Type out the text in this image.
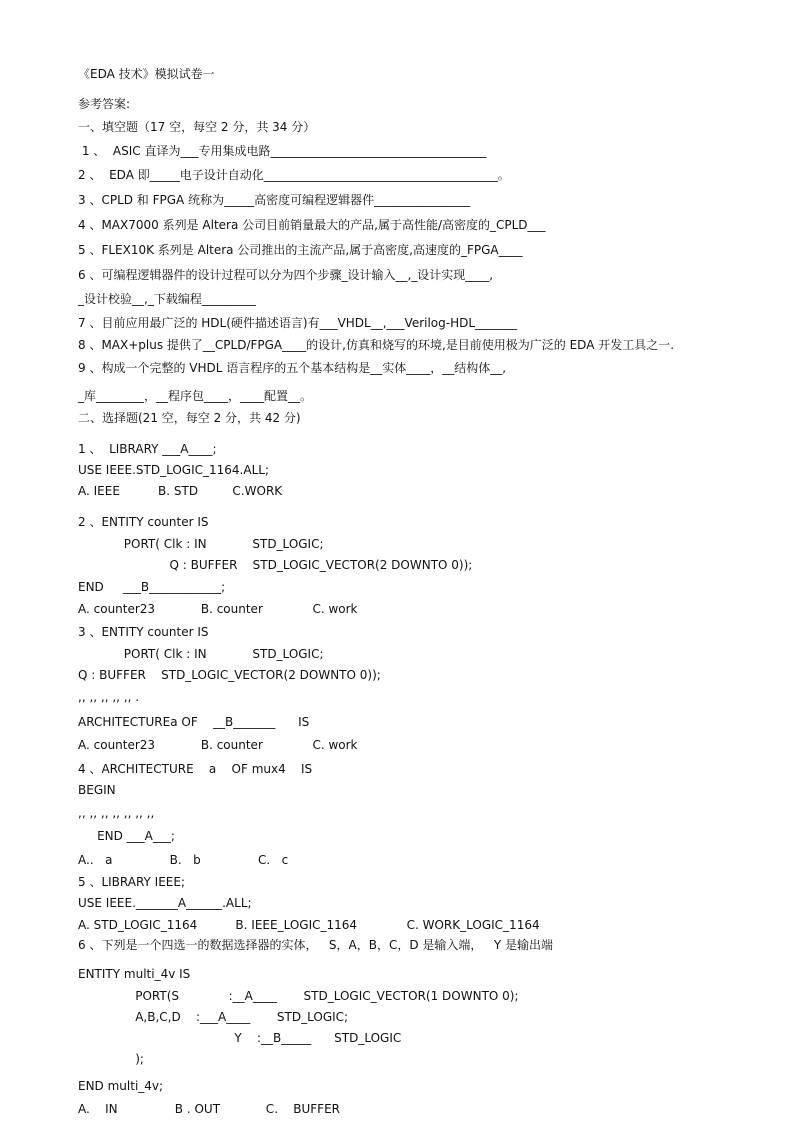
《EDA 技术》模拟试卷一
参考答案:
一、填空题（17 空，每空 2 分，共 34 分）
1 、  ASIC 直译为___专用集成电路____________________________________
2 、  EDA 即_____电子设计自动化_______________________________________。
3 、CPLD 和 FPGA 统称为_____高密度可编程逻辑器件________________
4 、MAX7000 系列是 Altera 公司目前销量最大的产品,属于高性能/高密度的_CPLD___
5 、FLEX10K 系列是 Altera 公司推出的主流产品,属于高密度,高速度的_FPGA____
6 、可编程逻辑器件的设计过程可以分为四个步骤_设计输入__,_设计实现____,
_设计校验__,_下载编程_________
7 、目前应用最广泛的 HDL(硬件描述语言)有___VHDL__,___Verilog-HDL_______
8 、MAX+plus 提供了__CPLD/FPGA____的设计,仿真和烧写的环境,是目前使用极为广泛的 EDA 开发工具之一.
9 、构成一个完整的 VHDL 语言程序的五个基本结构是__实体____，__结构体__,
_库________，__程序包____，____配置__。
二、选择题(21 空，每空 2 分，共 42 分)
1 、  LIBRARY ___A____;
USE IEEE.STD_LOGIC_1164.ALL;
A. IEEE          B. STD         C.WORK
2 、ENTITY counter IS
PORT( Clk : IN            STD_LOGIC;
Q : BUFFER    STD_LOGIC_VECTOR(2 DOWNTO 0));
END     ___B____________;
A. counter23            B. counter             C. work
3 、ENTITY counter IS
PORT( Clk : IN            STD_LOGIC;
Q : BUFFER    STD_LOGIC_VECTOR(2 DOWNTO 0));
,, ,, ,, ,, ,, .
ARCHITECTUREa OF    __B_______      IS
A. counter23            B. counter             C. work
4 、ARCHITECTURE    a    OF mux4    IS
BEGIN
,, ,, ,, ,, ,, ,, ,,
END ___A___;
A..   a               B.   b               C.   c
5 、LIBRARY IEEE;
USE IEEE._______A______.ALL;
A. STD_LOGIC_1164          B. IEEE_LOGIC_1164             C. WORK_LOGIC_1164
6 、下列是一个四选一的数据选择器的实体，   S，A，B，C，D 是输入端，   Y 是输出端
ENTITY multi_4v IS
PORT(S             :__A____       STD_LOGIC_VECTOR(1 DOWNTO 0);
A,B,C,D    :___A____       STD_LOGIC;
Y    :__B_____      STD_LOGIC
);
END multi_4v;
A.    IN               B . OUT            C.    BUFFER
